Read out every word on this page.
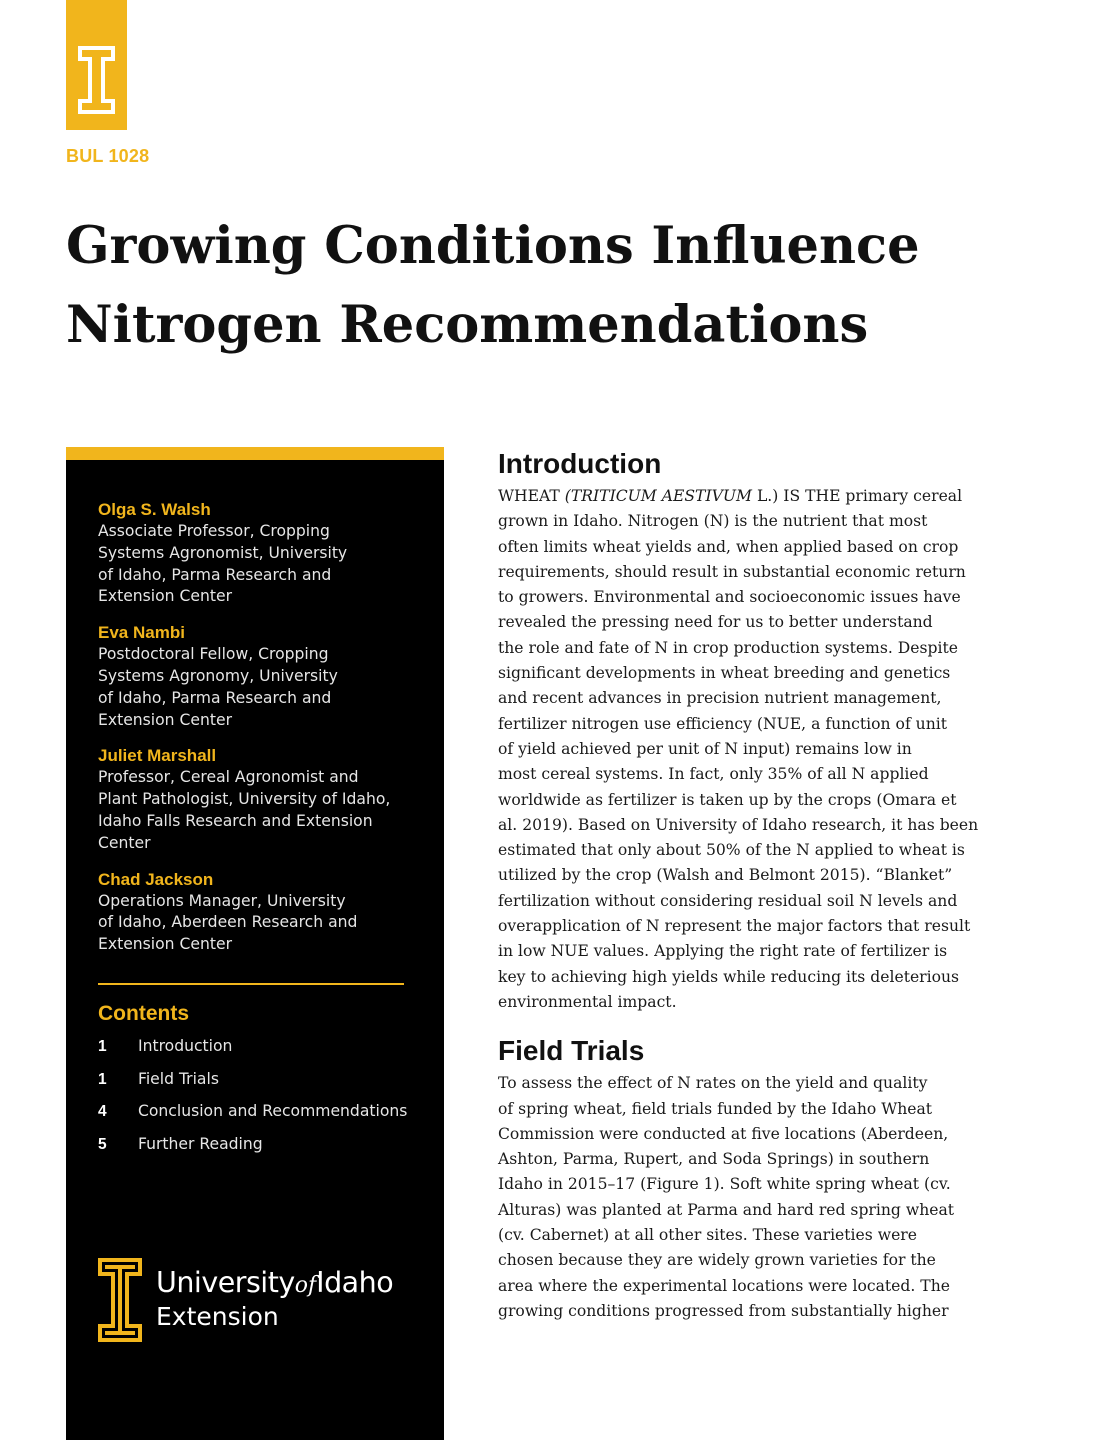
BUL 1028
Growing Conditions Influence
Nitrogen Recommendations
Olga S. Walsh
Associate Professor, Cropping
Systems Agronomist, University
of Idaho, Parma Research and
Extension Center
Eva Nambi
Postdoctoral Fellow, Cropping
Systems Agronomy, University
of Idaho, Parma Research and
Extension Center
Juliet Marshall
Professor, Cereal Agronomist and
Plant Pathologist, University of Idaho,
Idaho Falls Research and Extension
Center
Chad Jackson
Operations Manager, University
of Idaho, Aberdeen Research and
Extension Center
Contents
1	Introduction
1	Field Trials
4	Conclusion and Recommendations
5	Further Reading
UniversityofIdaho
Extension
Introduction

WHEAT (TRITICUM AESTIVUM L.) IS THE primary cereal
grown in Idaho. Nitrogen (N) is the nutrient that most
often limits wheat yields and, when applied based on crop
requirements, should result in substantial economic return
to growers. Environmental and socioeconomic issues have
revealed the pressing need for us to better understand
the role and fate of N in crop production systems. Despite
significant developments in wheat breeding and genetics
and recent advances in precision nutrient management,
fertilizer nitrogen use efficiency (NUE, a function of unit
of yield achieved per unit of N input) remains low in
most cereal systems. In fact, only 35% of all N applied
worldwide as fertilizer is taken up by the crops (Omara et
al. 2019). Based on University of Idaho research, it has been
estimated that only about 50% of the N applied to wheat is
utilized by the crop (Walsh and Belmont 2015). “Blanket”
fertilization without considering residual soil N levels and
overapplication of N represent the major factors that result
in low NUE values. Applying the right rate of fertilizer is
key to achieving high yields while reducing its deleterious
environmental impact.

Field Trials

To assess the effect of N rates on the yield and quality
of spring wheat, field trials funded by the Idaho Wheat
Commission were conducted at five locations (Aberdeen,
Ashton, Parma, Rupert, and Soda Springs) in southern
Idaho in 2015–17 (Figure 1). Soft white spring wheat (cv.
Alturas) was planted at Parma and hard red spring wheat
(cv. Cabernet) at all other sites. These varieties were
chosen because they are widely grown varieties for the
area where the experimental locations were located. The
growing conditions progressed from substantially higher
